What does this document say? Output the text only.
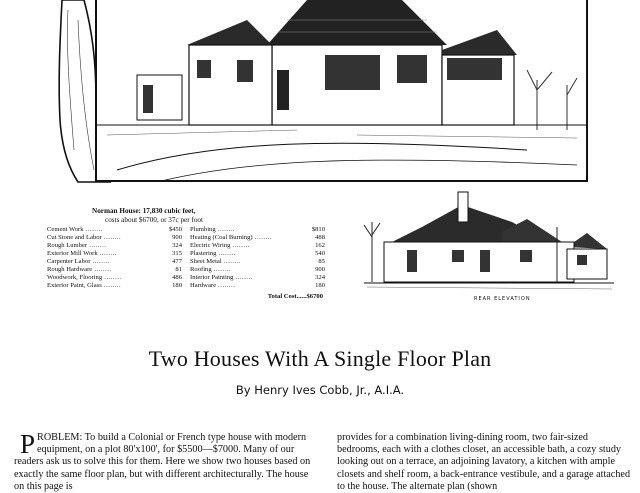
Norman House: 17,830 cubic feet,
costs about $6700, or 37c per foot
Cement Work .....	$450
Cut Stone and Labor .....	900
Rough Lumber .....	324
Exterior Mill Work .....	315
Carpenter Labor .....	477
Rough Hardware .....	81
Woodwork, Flooring .....	486
Exterior Paint, Glass .....	180
Plumbing .....	$810
Heating (Coal Burning) .....	488
Electric Wiring .....	162
Plastering .....	540
Sheet Metal .....	85
Roofing .....	900
Interior Painting .....	324
Hardware .....	180
Total Cost......$6700	REAR ELEVATION
Two Houses With A Single Floor Plan
By Henry Ives Cobb, Jr., A.I.A.
PROBLEM: To build a Colonial or French type house with modern equipment, on a plot 80'x100', for $5500—$7000. Many of our readers ask us to solve this for them. Here we show two houses based on exactly the same floor plan, but with different architecturally. The house on this page is
provides for a combination living-dining room, two fair-sized bedrooms, each with a clothes closet, an accessible bath, a cozy study looking out on a terrace, an adjoining lavatory, a kitchen with ample closets and shelf room, a back-entrance vestibule, and a garage attached to the house. The alternate plan (shown
